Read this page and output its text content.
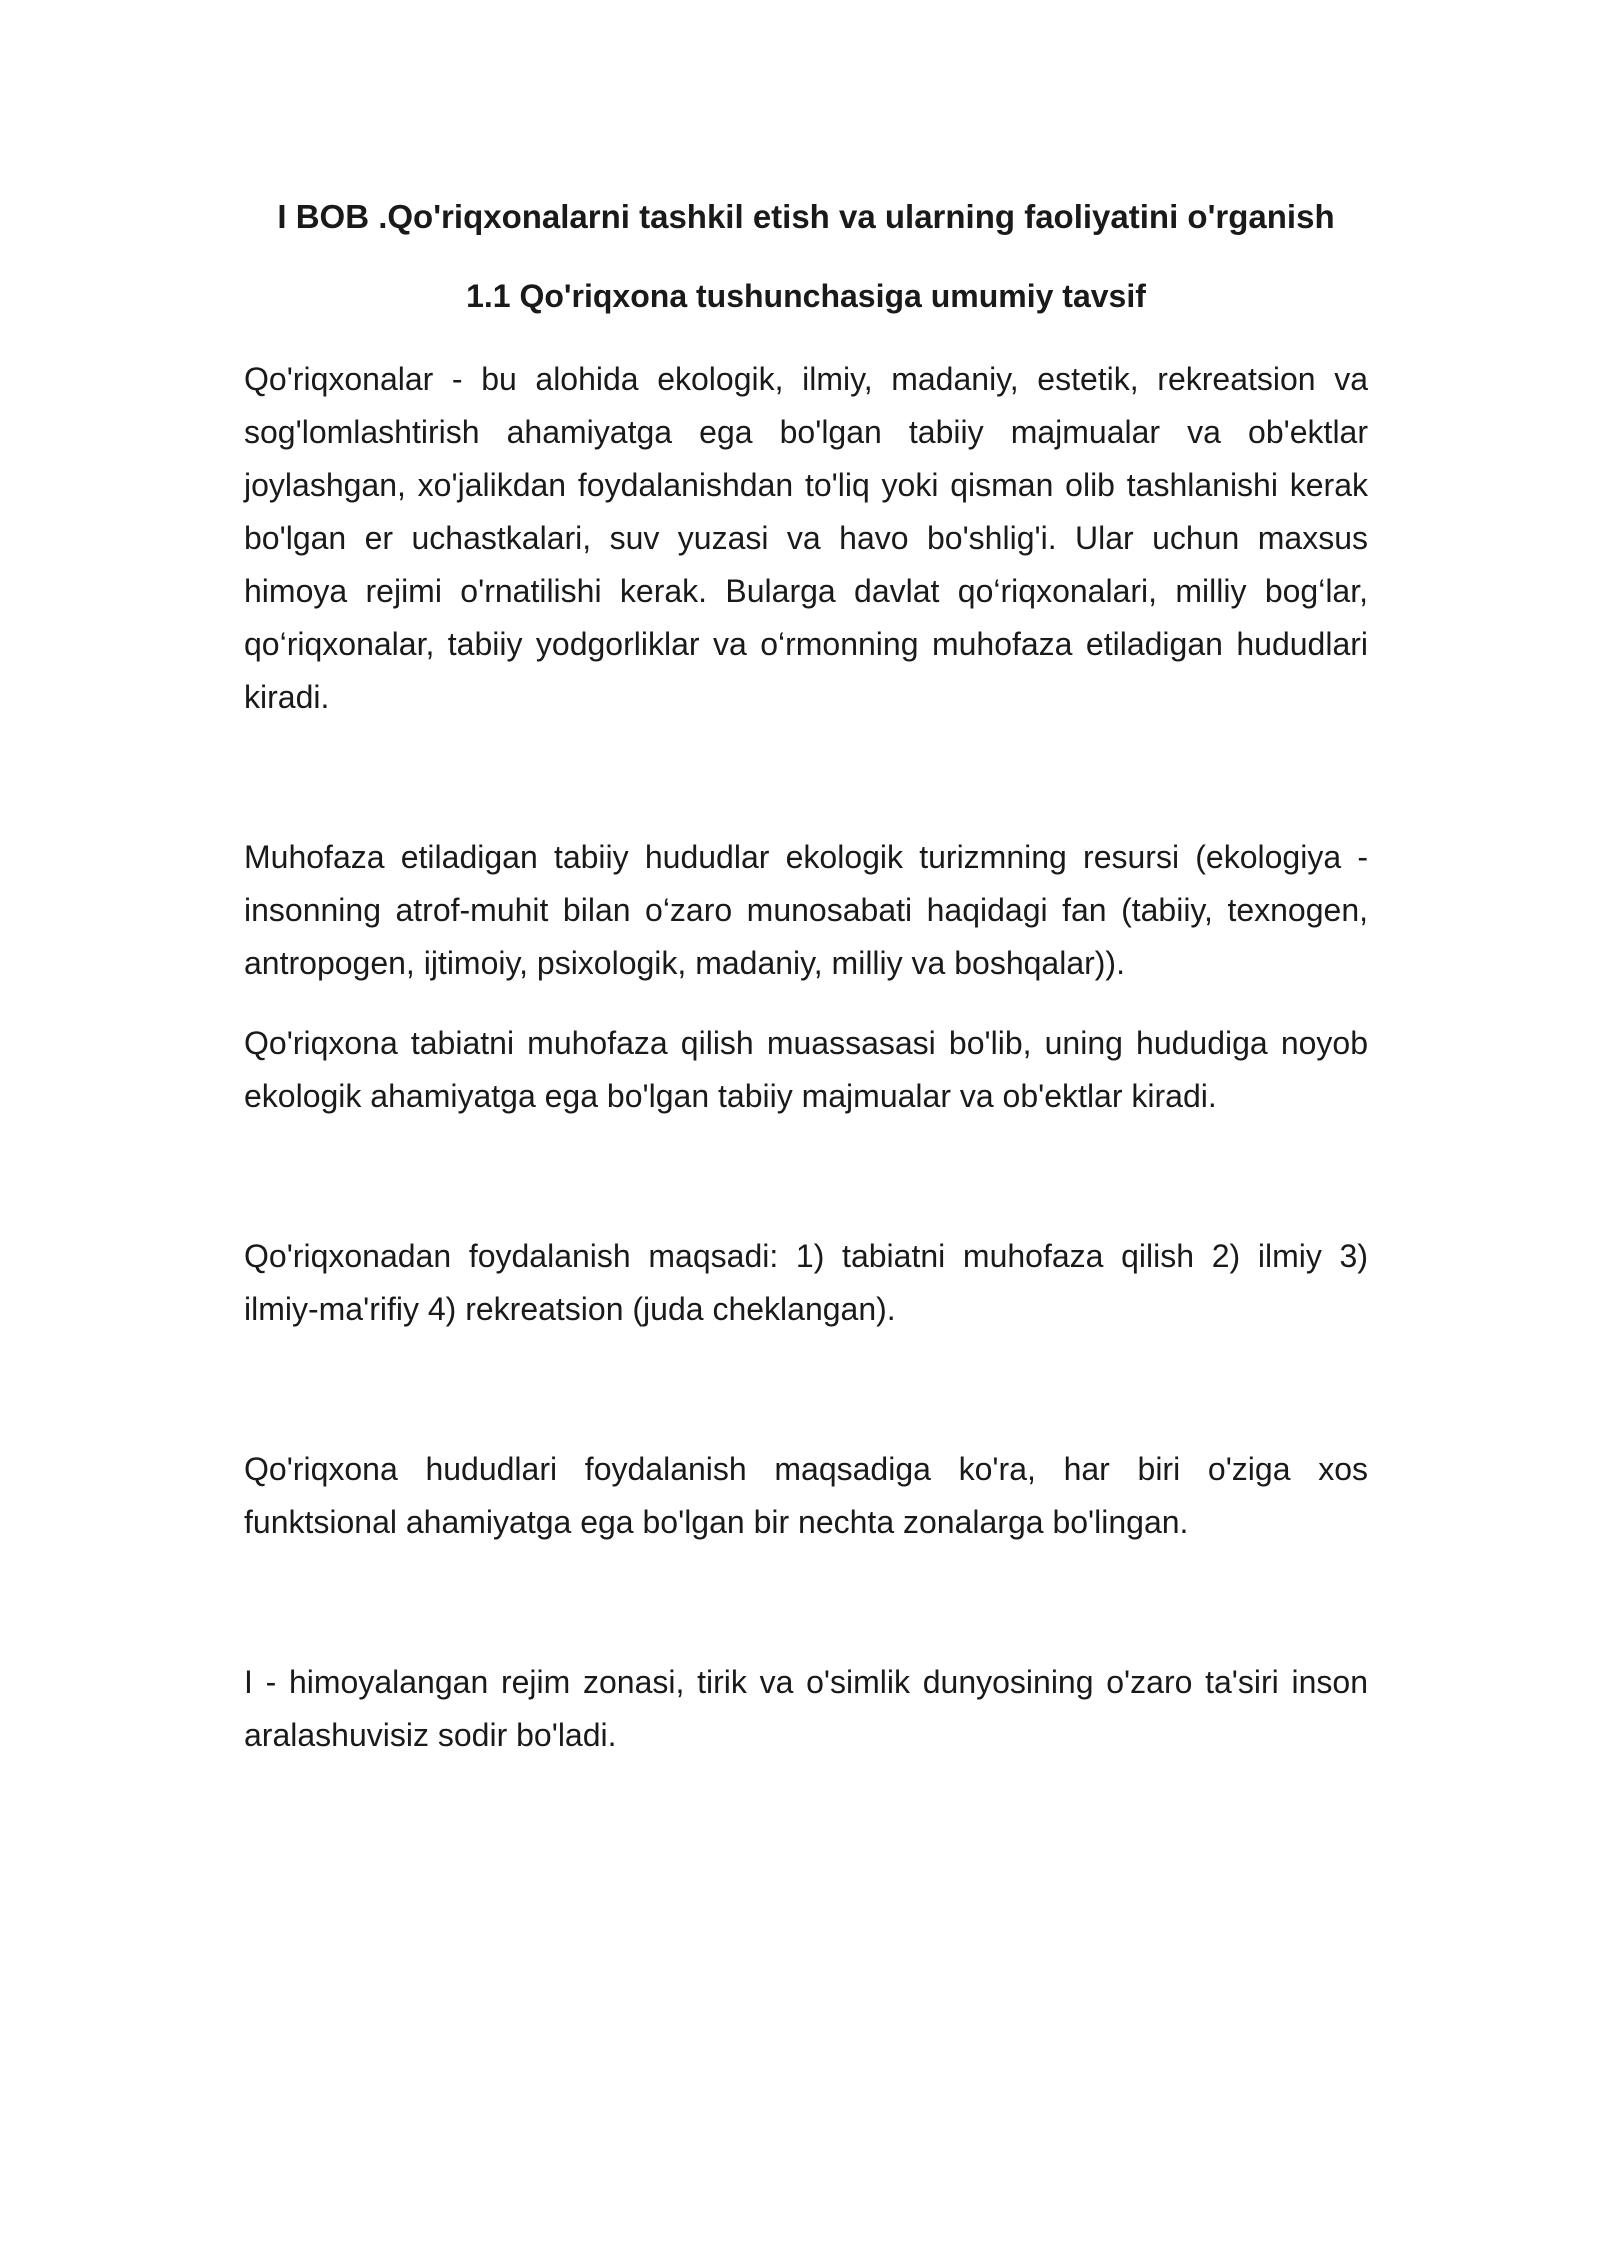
I BOB .Qo'riqxonalarni tashkil etish va ularning faoliyatini o'rganish
1.1 Qo'riqxona tushunchasiga umumiy tavsif

Qo'riqxonalar - bu alohida ekologik, ilmiy, madaniy, estetik, rekreatsion va sog'lomlashtirish ahamiyatga ega bo'lgan tabiiy majmualar va ob'ektlar joylashgan, xo'jalikdan foydalanishdan to'liq yoki qisman olib tashlanishi kerak bo'lgan er uchastkalari, suv yuzasi va havo bo'shlig'i. Ular uchun maxsus himoya rejimi o'rnatilishi kerak. Bularga davlat qo‘riqxonalari, milliy bog‘lar, qo‘riqxonalar, tabiiy yodgorliklar va o‘rmonning muhofaza etiladigan hududlari kiradi.

Muhofaza etiladigan tabiiy hududlar ekologik turizmning resursi (ekologiya - insonning atrof-muhit bilan o‘zaro munosabati haqidagi fan (tabiiy, texnogen, antropogen, ijtimoiy, psixologik, madaniy, milliy va boshqalar)).

Qo'riqxona tabiatni muhofaza qilish muassasasi bo'lib, uning hududiga noyob ekologik ahamiyatga ega bo'lgan tabiiy majmualar va ob'ektlar kiradi.

Qo'riqxonadan foydalanish maqsadi: 1) tabiatni muhofaza qilish 2) ilmiy 3) ilmiy-ma'rifiy 4) rekreatsion (juda cheklangan).

Qo'riqxona hududlari foydalanish maqsadiga ko'ra, har biri o'ziga xos funktsional ahamiyatga ega bo'lgan bir nechta zonalarga bo'lingan.

I - himoyalangan rejim zonasi, tirik va o'simlik dunyosining o'zaro ta'siri inson aralashuvisiz sodir bo'ladi.
